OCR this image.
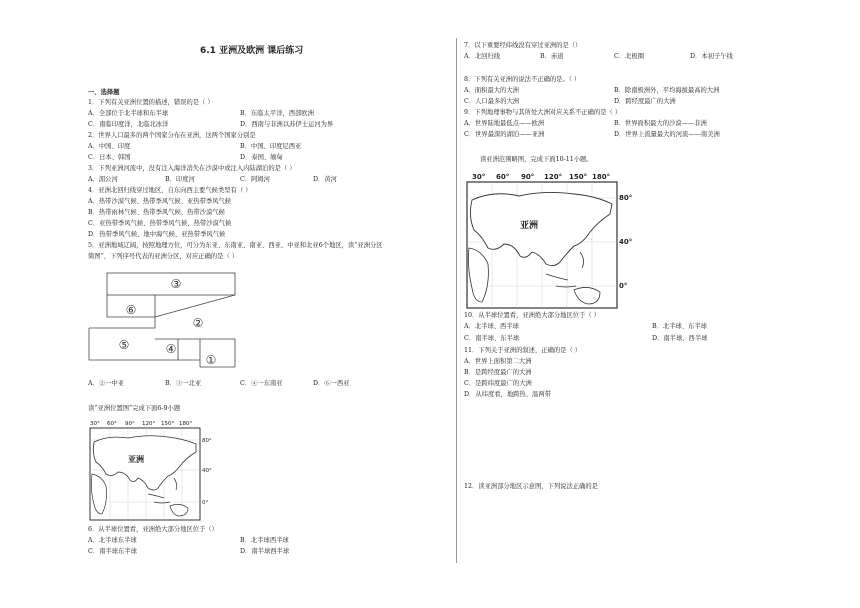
6.1 亚洲及欧洲 课后练习
一、选择题
1．下列有关亚洲位置的描述，错误的是（ ）
A．全部位于北半球和东半球	B．东临太平洋，西部欧洲
C．南临印度洋，北临北冰洋	D．西南与非洲以苏伊士运河为界
2．世界人口最多的两个国家分布在亚洲，这两个国家分别是
A．中国、印度	B．中国、印度尼西亚
C．日本、韩国	D．泰国、缅甸
3．下列亚洲河流中，没有注入海洋消失在沙漠中或注入内陆湖泊的是（ ）
A．湄公河	B．印度河	C．阿姆河	D．黄河
4．亚洲北回归线穿过地区，自东向西主要气候类型有（ ）
A．热带沙漠气候、热带季风气候、亚热带季风气候
B．热带雨林气候、热带季风气候、热带沙漠气候
C．亚热带季风气候、热带季风气候、热带沙漠气候
D．热带季风气候、地中海气候、亚热带季风气候
5．亚洲地域辽阔，按照地理方位，可分为东亚、东南亚、南亚、西亚、中亚和北亚6个地区，读“亚洲分区
简图”，下列序号代表的亚洲分区，对应正确的是（ ）
③
⑥
②
⑤	④
①
A．②一中亚	B．③一北亚	C．④一东南亚	D．⑥一西亚
读“亚洲位置图”完成下面6-9小题
30° 60° 90° 120° 150° 180°
80°
40°
0°
亚洲
6．从半球位置看，亚洲绝大部分地区位于（）
A．北半球东半球	B．北半球西半球
C．南半球东半球	D．南半球西半球
7．以下重要经纬线没有穿过亚洲的是（）
A．北回归线	B．赤道	C．北极圈	D．本初子午线
8．下列有关亚洲的说法不正确的是。（ ）
A．面积最大的大洲	B．除南极洲外，平均海拔最高的大洲
C．人口最多的大洲	D．跨经度最广的大洲
9．下列地理事物与其所处大洲对应关系不正确的是（ ）
A．世界陆地最低点——欧洲	B．世界面积最大的沙漠——非洲
C．世界最深的湖泊——亚洲	D．世界上流量最大的河流——南美洲
读亚洲范围略图，完成下面10-11小题。
30° 60° 90° 120° 150° 180°
80°
40°
0°
亚洲
10．从半球位置看，亚洲绝大部分地区位于（ ）
A．北半球、西半球	B．北半球、东半球
C．南半球、东半球	D．南半球、西半球
11．下列关于亚洲的叙述，正确的是（ ）
A．世界上面积第二大洲
B．是跨经度最广的大洲
C．是跨纬度最广的大洲
D．从纬度看，地跨热、温两带
12．读亚洲部分地区示意图，下列说法正确的是
